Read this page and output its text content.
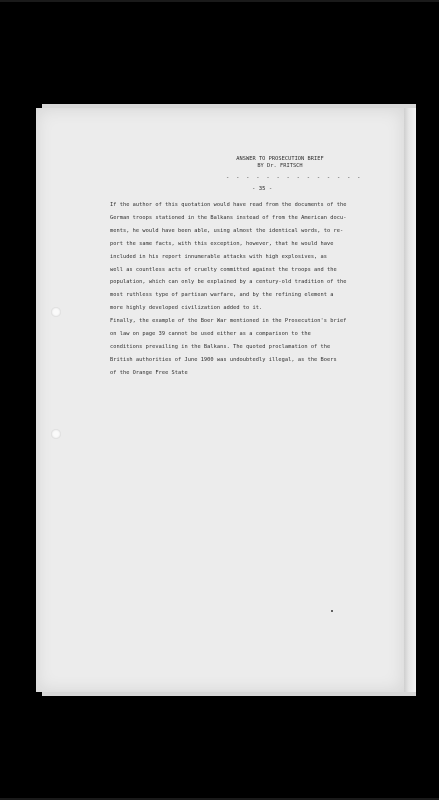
ANSWER TO PROSECUTION BRIEF
BY Dr. FRITSCH
- - - - - - - - - - - - - -
- 35 -
If the author of this quotation would have read from the documents of the
German troops stationed in the Balkans instead of from the American docu-
ments, he would have been able, using almost the identical words, to re-
port the same facts, with this exception, however, that he would have
included in his report innumerable attacks with high explosives, as
well as countless acts of cruelty committed against the troops and the
population, which can only be explained by a century-old tradition of the
most ruthless type of partisan warfare, and by the refining element a
more highly developed civilization added to it.
Finally, the example of the Boer War mentioned in the Prosecution's brief
on law on page 39 cannot be used either as a comparison to the
conditions prevailing in the Balkans. The quoted proclamation of the
British authorities of June 1900 was undoubtedly illegal, as the Boers
of the Orange Free State
